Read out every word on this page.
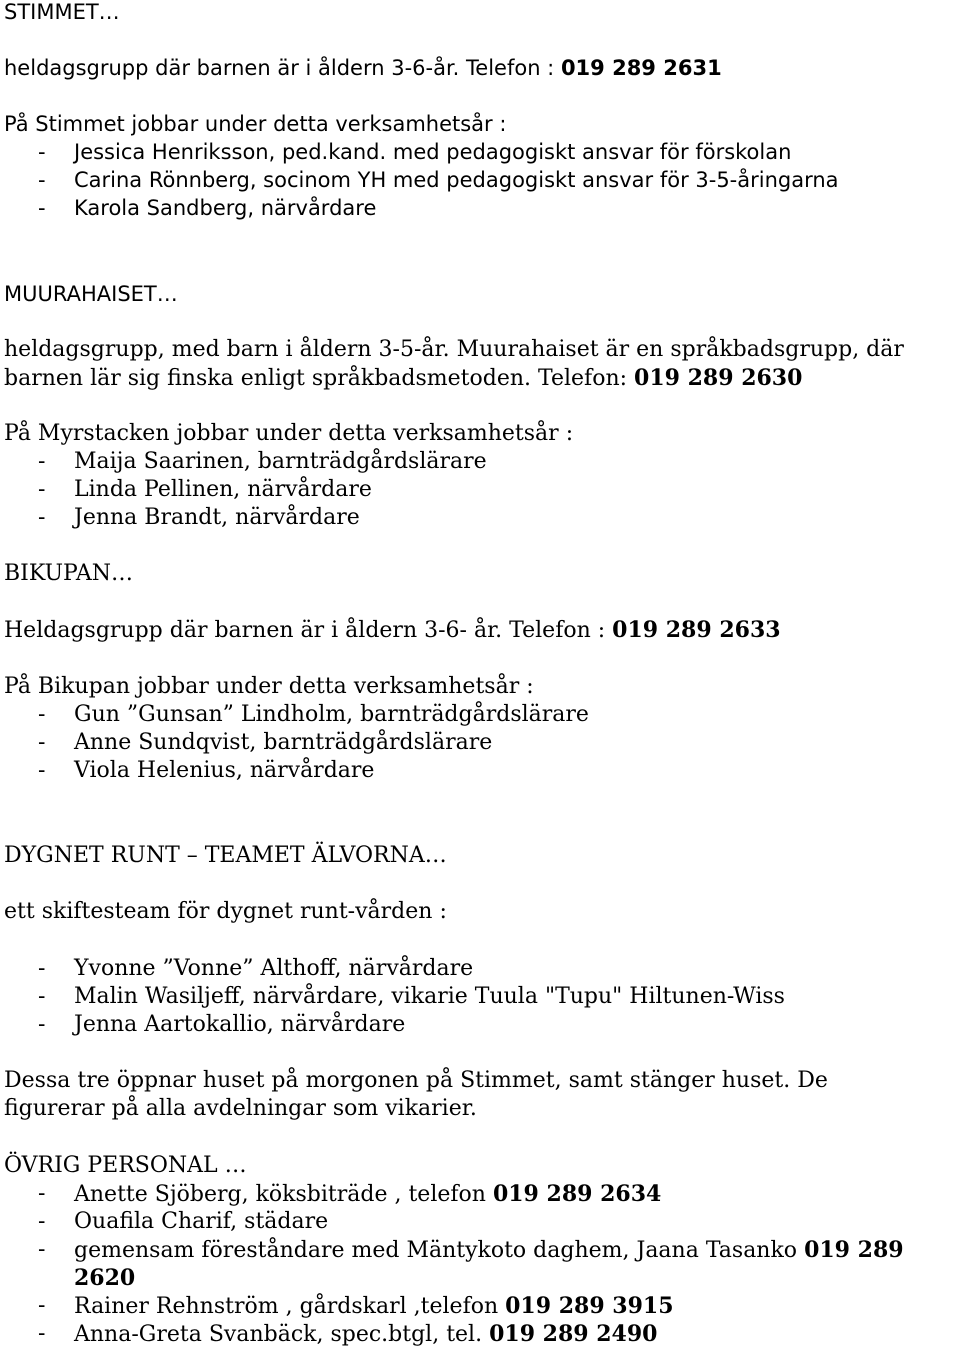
STIMMET…
heldagsgrupp där barnen är i åldern 3-6-år. Telefon : 019 289 2631
På Stimmet jobbar under detta verksamhetsår :
- Jessica Henriksson, ped.kand. med pedagogiskt ansvar för förskolan
- Carina Rönnberg, socinom YH med pedagogiskt ansvar för 3-5-åringarna
- Karola Sandberg, närvårdare
MUURAHAISET…
heldagsgrupp, med barn i åldern 3-5-år. Muurahaiset är en språkbadsgrupp, där
barnen lär sig finska enligt språkbadsmetoden. Telefon: 019 289 2630
På Myrstacken jobbar under detta verksamhetsår :
- Maija Saarinen, barnträdgårdslärare
- Linda Pellinen, närvårdare
- Jenna Brandt, närvårdare
BIKUPAN…
Heldagsgrupp där barnen är i åldern 3-6- år. Telefon : 019 289 2633
På Bikupan jobbar under detta verksamhetsår :
- Gun ”Gunsan” Lindholm, barnträdgårdslärare
- Anne Sundqvist, barnträdgårdslärare
- Viola Helenius, närvårdare
DYGNET RUNT – TEAMET ÄLVORNA…
ett skiftesteam för dygnet runt-vården :
- Yvonne ”Vonne” Althoff, närvårdare
- Malin Wasiljeff, närvårdare, vikarie Tuula "Tupu" Hiltunen-Wiss
- Jenna Aartokallio, närvårdare
Dessa tre öppnar huset på morgonen på Stimmet, samt stänger huset. De
figurerar på alla avdelningar som vikarier.
ÖVRIG PERSONAL …
- Anette Sjöberg, köksbiträde , telefon 019 289 2634
- Ouafila Charif, städare
- gemensam föreståndare med Mäntykoto daghem, Jaana Tasanko 019 289
2620
- Rainer Rehnström , gårdskarl ,telefon 019 289 3915
- Anna-Greta Svanbäck, spec.btgl, tel. 019 289 2490
